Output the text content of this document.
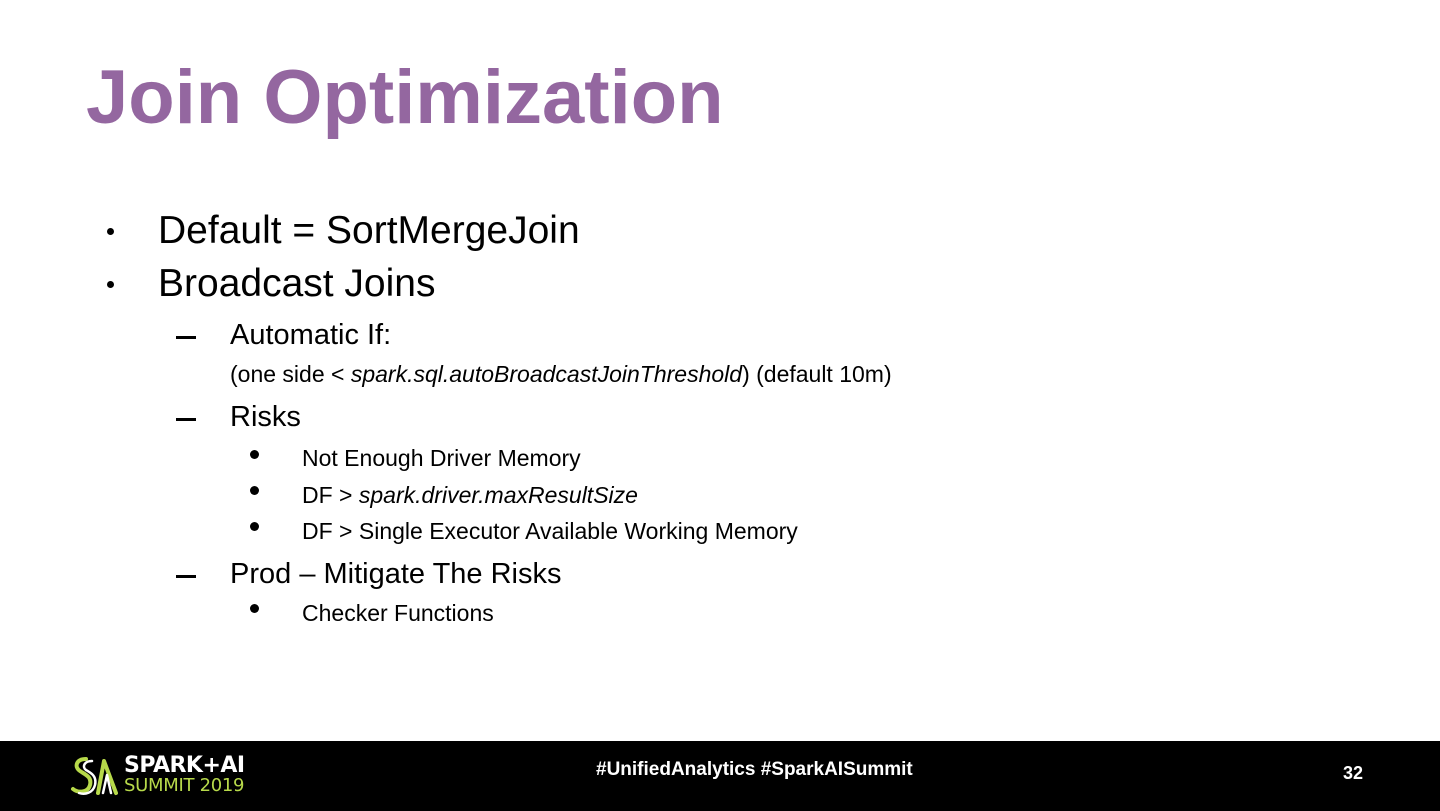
Join Optimization
Default = SortMergeJoin
Broadcast Joins
Automatic If:
(one side < spark.sql.autoBroadcastJoinThreshold) (default 10m)
Risks
Not Enough Driver Memory
DF > spark.driver.maxResultSize
DF > Single Executor Available Working Memory
Prod – Mitigate The Risks
Checker Functions
SPARK+AI
SUMMIT 2019
#UnifiedAnalytics #SparkAISummit	32
